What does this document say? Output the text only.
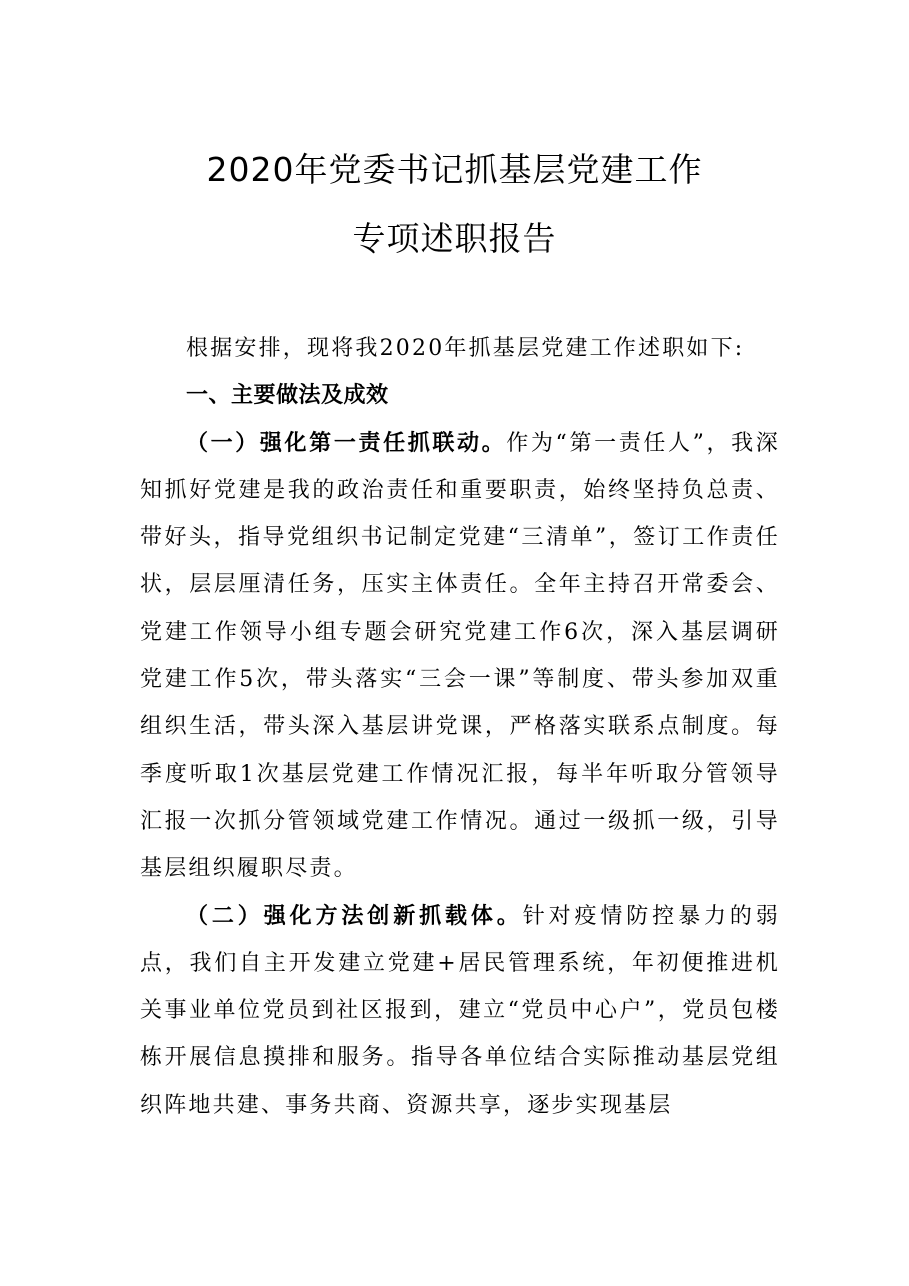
2020年党委书记抓基层党建工作
专项述职报告

根据安排，现将我2020年抓基层党建工作述职如下:

一、主要做法及成效

（一）强化第一责任抓联动。作为“第一责任人”，我深知抓好党建是我的政治责任和重要职责，始终坚持负总责、带好头，指导党组织书记制定党建“三清单”，签订工作责任状，层层厘清任务，压实主体责任。全年主持召开常委会、党建工作领导小组专题会研究党建工作6次，深入基层调研党建工作5次，带头落实“三会一课”等制度、带头参加双重组织生活，带头深入基层讲党课，严格落实联系点制度。每季度听取1次基层党建工作情况汇报，每半年听取分管领导汇报一次抓分管领域党建工作情况。通过一级抓一级，引导基层组织履职尽责。

（二）强化方法创新抓载体。针对疫情防控暴力的弱点，我们自主开发建立党建+居民管理系统，年初便推进机关事业单位党员到社区报到，建立“党员中心户”，党员包楼栋开展信息摸排和服务。指导各单位结合实际推动基层党组织阵地共建、事务共商、资源共享，逐步实现基层
